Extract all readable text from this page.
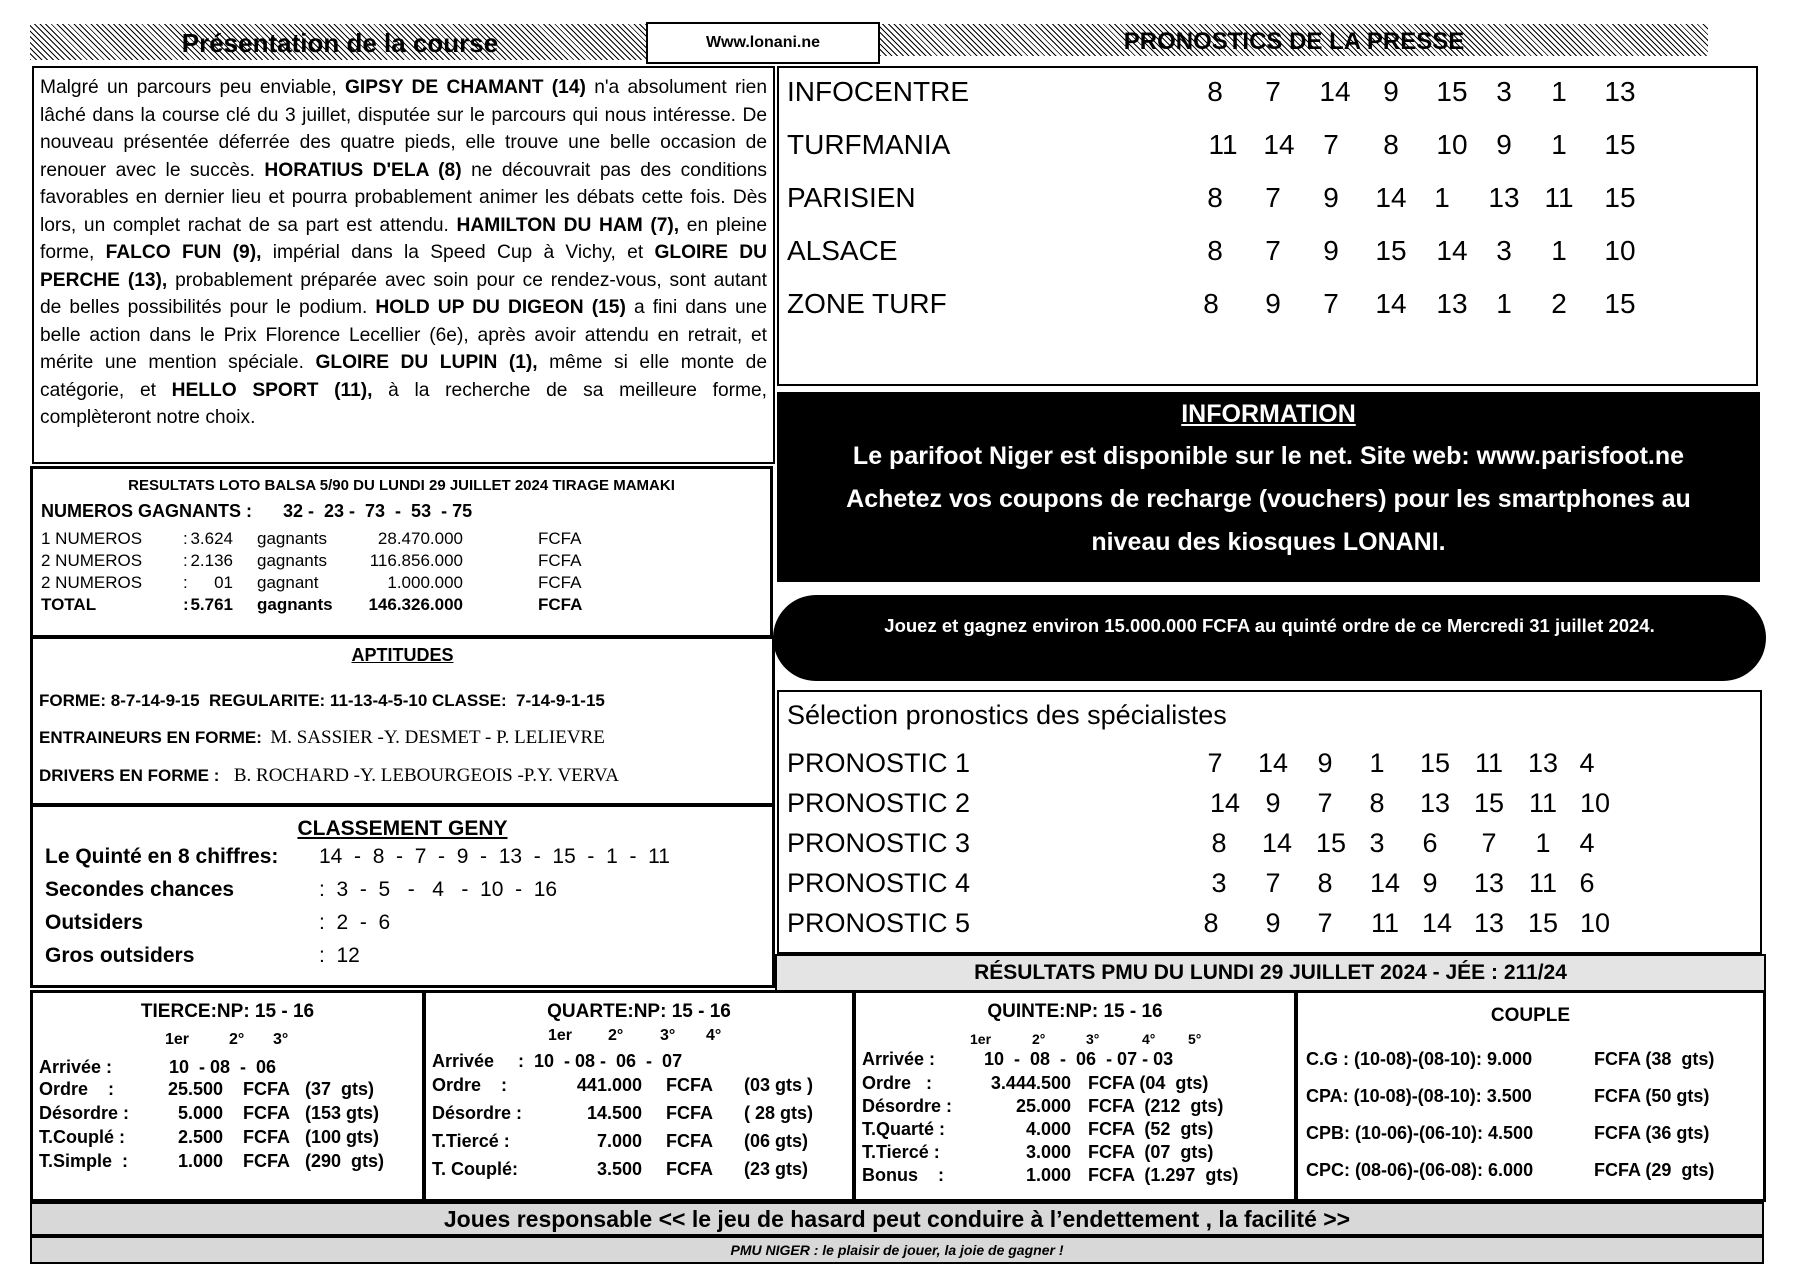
Présentation de la course	Www.lonani.ne	PRONOSTICS DE LA PRESSE
Malgré un parcours peu enviable, GIPSY DE CHAMANT (14) n'a absolument rien lâché dans la course clé du 3 juillet, disputée sur le parcours qui nous intéresse. De nouveau présentée déferrée des quatre pieds, elle trouve une belle occasion de renouer avec le succès. HORATIUS D'ELA (8) ne découvrait pas des conditions favorables en dernier lieu et pourra probablement animer les débats cette fois. Dès lors, un complet rachat de sa part est attendu. HAMILTON DU HAM (7), en pleine forme, FALCO FUN (9), impérial dans la Speed Cup à Vichy, et GLOIRE DU PERCHE (13), probablement préparée avec soin pour ce rendez-vous, sont autant de belles possibilités pour le podium. HOLD UP DU DIGEON (15) a fini dans une belle action dans le Prix Florence Lecellier (6e), après avoir attendu en retrait, et mérite une mention spéciale. GLOIRE DU LUPIN (1), même si elle monte de catégorie, et HELLO SPORT (11), à la recherche de sa meilleure forme, complèteront notre choix.
RESULTATS LOTO BALSA 5/90 DU LUNDI 29 JUILLET 2024 TIRAGE MAMAKI
NUMEROS GAGNANTS : 32 -  23 -  73  -  53  - 75
1 NUMEROS	3.624 gagnants	28.470.000	FCFA
2 NUMEROS	2.136 gagnants	116.856.000	FCFA
2 NUMEROS	01 gagnant	1.000.000	FCFA
TOTAL	5.761 gagnants	146.326.000	FCFA
:
:
:
:
APTITUDES
FORME: 8-7-14-9-15  REGULARITE: 11-13-4-5-10 CLASSE:  7-14-9-1-15
ENTRAINEURS EN FORME: M. SASSIER -Y. DESMET - P. LELIEVRE
DRIVERS EN FORME : B. ROCHARD -Y. LEBOURGEOIS -P.Y. VERVA
CLASSEMENT GENY
Le Quinté en 8 chiffres: 14  -  8  -  7  -  9  -  13  -  15  -  1  -  11
Secondes chances	:  3  -  5   -   4   -  10  -  16
Outsiders	:  2  -  6
Gros outsiders	:  12
INFOCENTRE	8 7 14 9 15 3 1 13
TURFMANIA	11 14 7 8 10 9 1 15
PARISIEN	8 7 9 14 1 13 11 15
ALSACE	8 7 9 15 14 3 1 10
ZONE TURF	8 9 7 14 13 1 2 15
INFORMATION
Le parifoot Niger est disponible sur le net. Site web: www.parisfoot.ne
Achetez vos coupons de recharge (vouchers) pour les smartphones au
niveau des kiosques LONANI.
Jouez et gagnez environ 15.000.000 FCFA au quinté ordre de ce Mercredi 31 juillet 2024.
Sélection pronostics des spécialistes
PRONOSTIC 1	7 14 9 1 15 11 13 4
PRONOSTIC 2	14 9 7 8 13 15 11 10
PRONOSTIC 3	8 14 15 3 6 7 1 4
PRONOSTIC 4	3 7 8 14 9 13 11 6
PRONOSTIC 5	8 9 7 11 14 13 15 10
RÉSULTATS PMU DU LUNDI 29 JUILLET 2024 - JÉE : 211/24
TIERCE:NP: 15 - 16
1er 2° 3°
Arrivée :	10  - 08  -  06
Ordre    :	25.500 FCFA (37  gts)
Désordre :	5.000 FCFA (153 gts)
T.Couplé :	2.500 FCFA (100 gts)
T.Simple  :	1.000 FCFA (290  gts)
QUARTE:NP: 15 - 16
1er 2° 3° 4°
Arrivée :  10  - 08 -  06  -  07
Ordre    :	441.000 FCFA (03 gts )
Désordre :	14.500 FCFA ( 28 gts)
T.Tiercé :	7.000 FCFA (06 gts)
T. Couplé:	3.500 FCFA (23 gts)
QUINTE:NP: 15 - 16
1er	2°	3°	4° 5°
Arrivée :	10  -  08  -  06  - 07 - 03
Ordre   :	3.444.500 FCFA (04  gts)
Désordre :	25.000 FCFA  (212  gts)
T.Quarté :	4.000 FCFA  (52  gts)
T.Tiercé :	3.000 FCFA  (07  gts)
Bonus    :	1.000 FCFA  (1.297  gts)
COUPLE
C.G : (10-08)-(08-10): 9.000	FCFA (38  gts)
CPA: (10-08)-(08-10): 3.500	FCFA (50 gts)
CPB: (10-06)-(06-10): 4.500	FCFA (36 gts)
CPC: (08-06)-(06-08): 6.000	FCFA (29  gts)
Joues responsable << le jeu de hasard peut conduire à l’endettement , la facilité >>
PMU NIGER : le plaisir de jouer, la joie de gagner !
